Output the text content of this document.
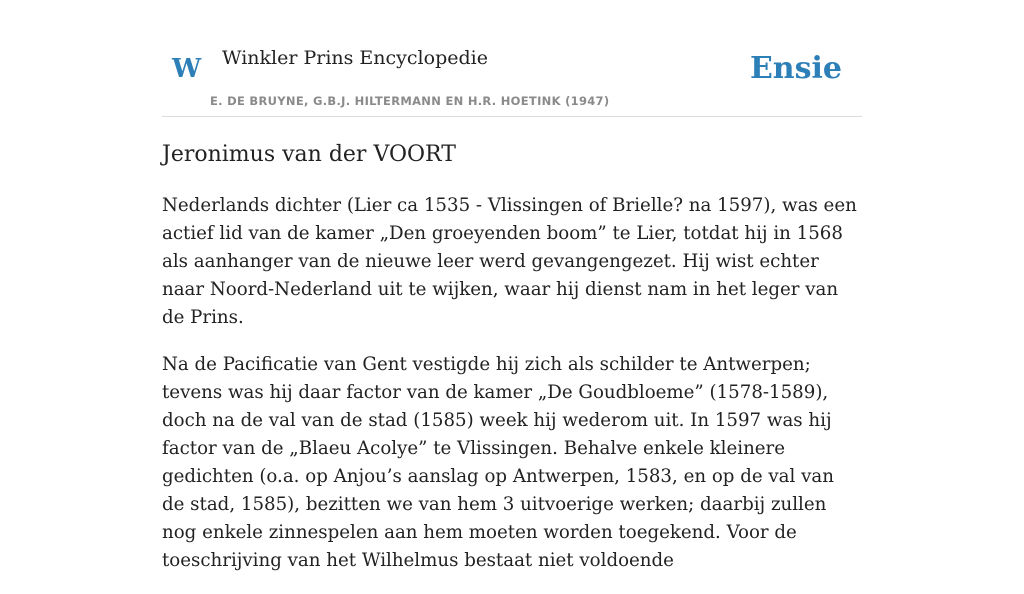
W Winkler Prins Encyclopedie
E. DE BRUYNE, G.B.J. HILTERMANN EN H.R. HOETINK (1947)
Ensie
Jeronimus van der VOORT

Nederlands dichter (Lier ca 1535 - Vlissingen of Brielle? na 1597), was een actief lid van de kamer „Den groeyenden boom” te Lier, totdat hij in 1568 als aanhanger van de nieuwe leer werd gevangengezet. Hij wist echter naar Noord-Nederland uit te wijken, waar hij dienst nam in het leger van de Prins.

Na de Pacificatie van Gent vestigde hij zich als schilder te Antwerpen; tevens was hij daar factor van de kamer „De Goudbloeme” (1578-1589), doch na de val van de stad (1585) week hij wederom uit. In 1597 was hij factor van de „Blaeu Acolye” te Vlissingen. Behalve enkele kleinere gedichten (o.a. op Anjou’s aanslag op Antwerpen, 1583, en op de val van de stad, 1585), bezitten we van hem 3 uitvoerige werken; daarbij zullen nog enkele zinnespelen aan hem moeten worden toegekend. Voor de toeschrijving van het Wilhelmus bestaat niet voldoende
